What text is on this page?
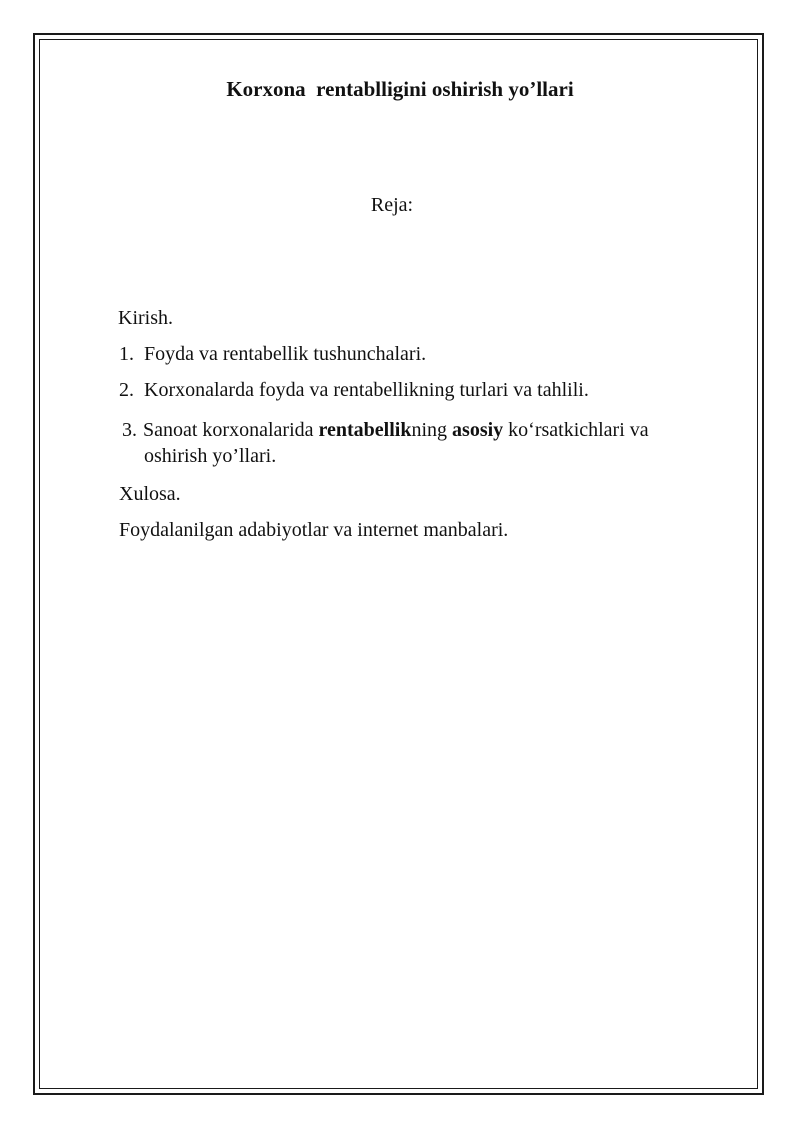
Korxona  rentablligini oshirish yo’llari
Reja:
Kirish.
1. Foyda va rentabellik tushunchalari.
2. Korxonalarda foyda va rentabellikning turlari va tahlili.
3. Sanoat korxonalarida rentabellikning asosiy ko‘rsatkichlari va
oshirish yo’llari.
Xulosa.
Foydalanilgan adabiyotlar va internet manbalari.
